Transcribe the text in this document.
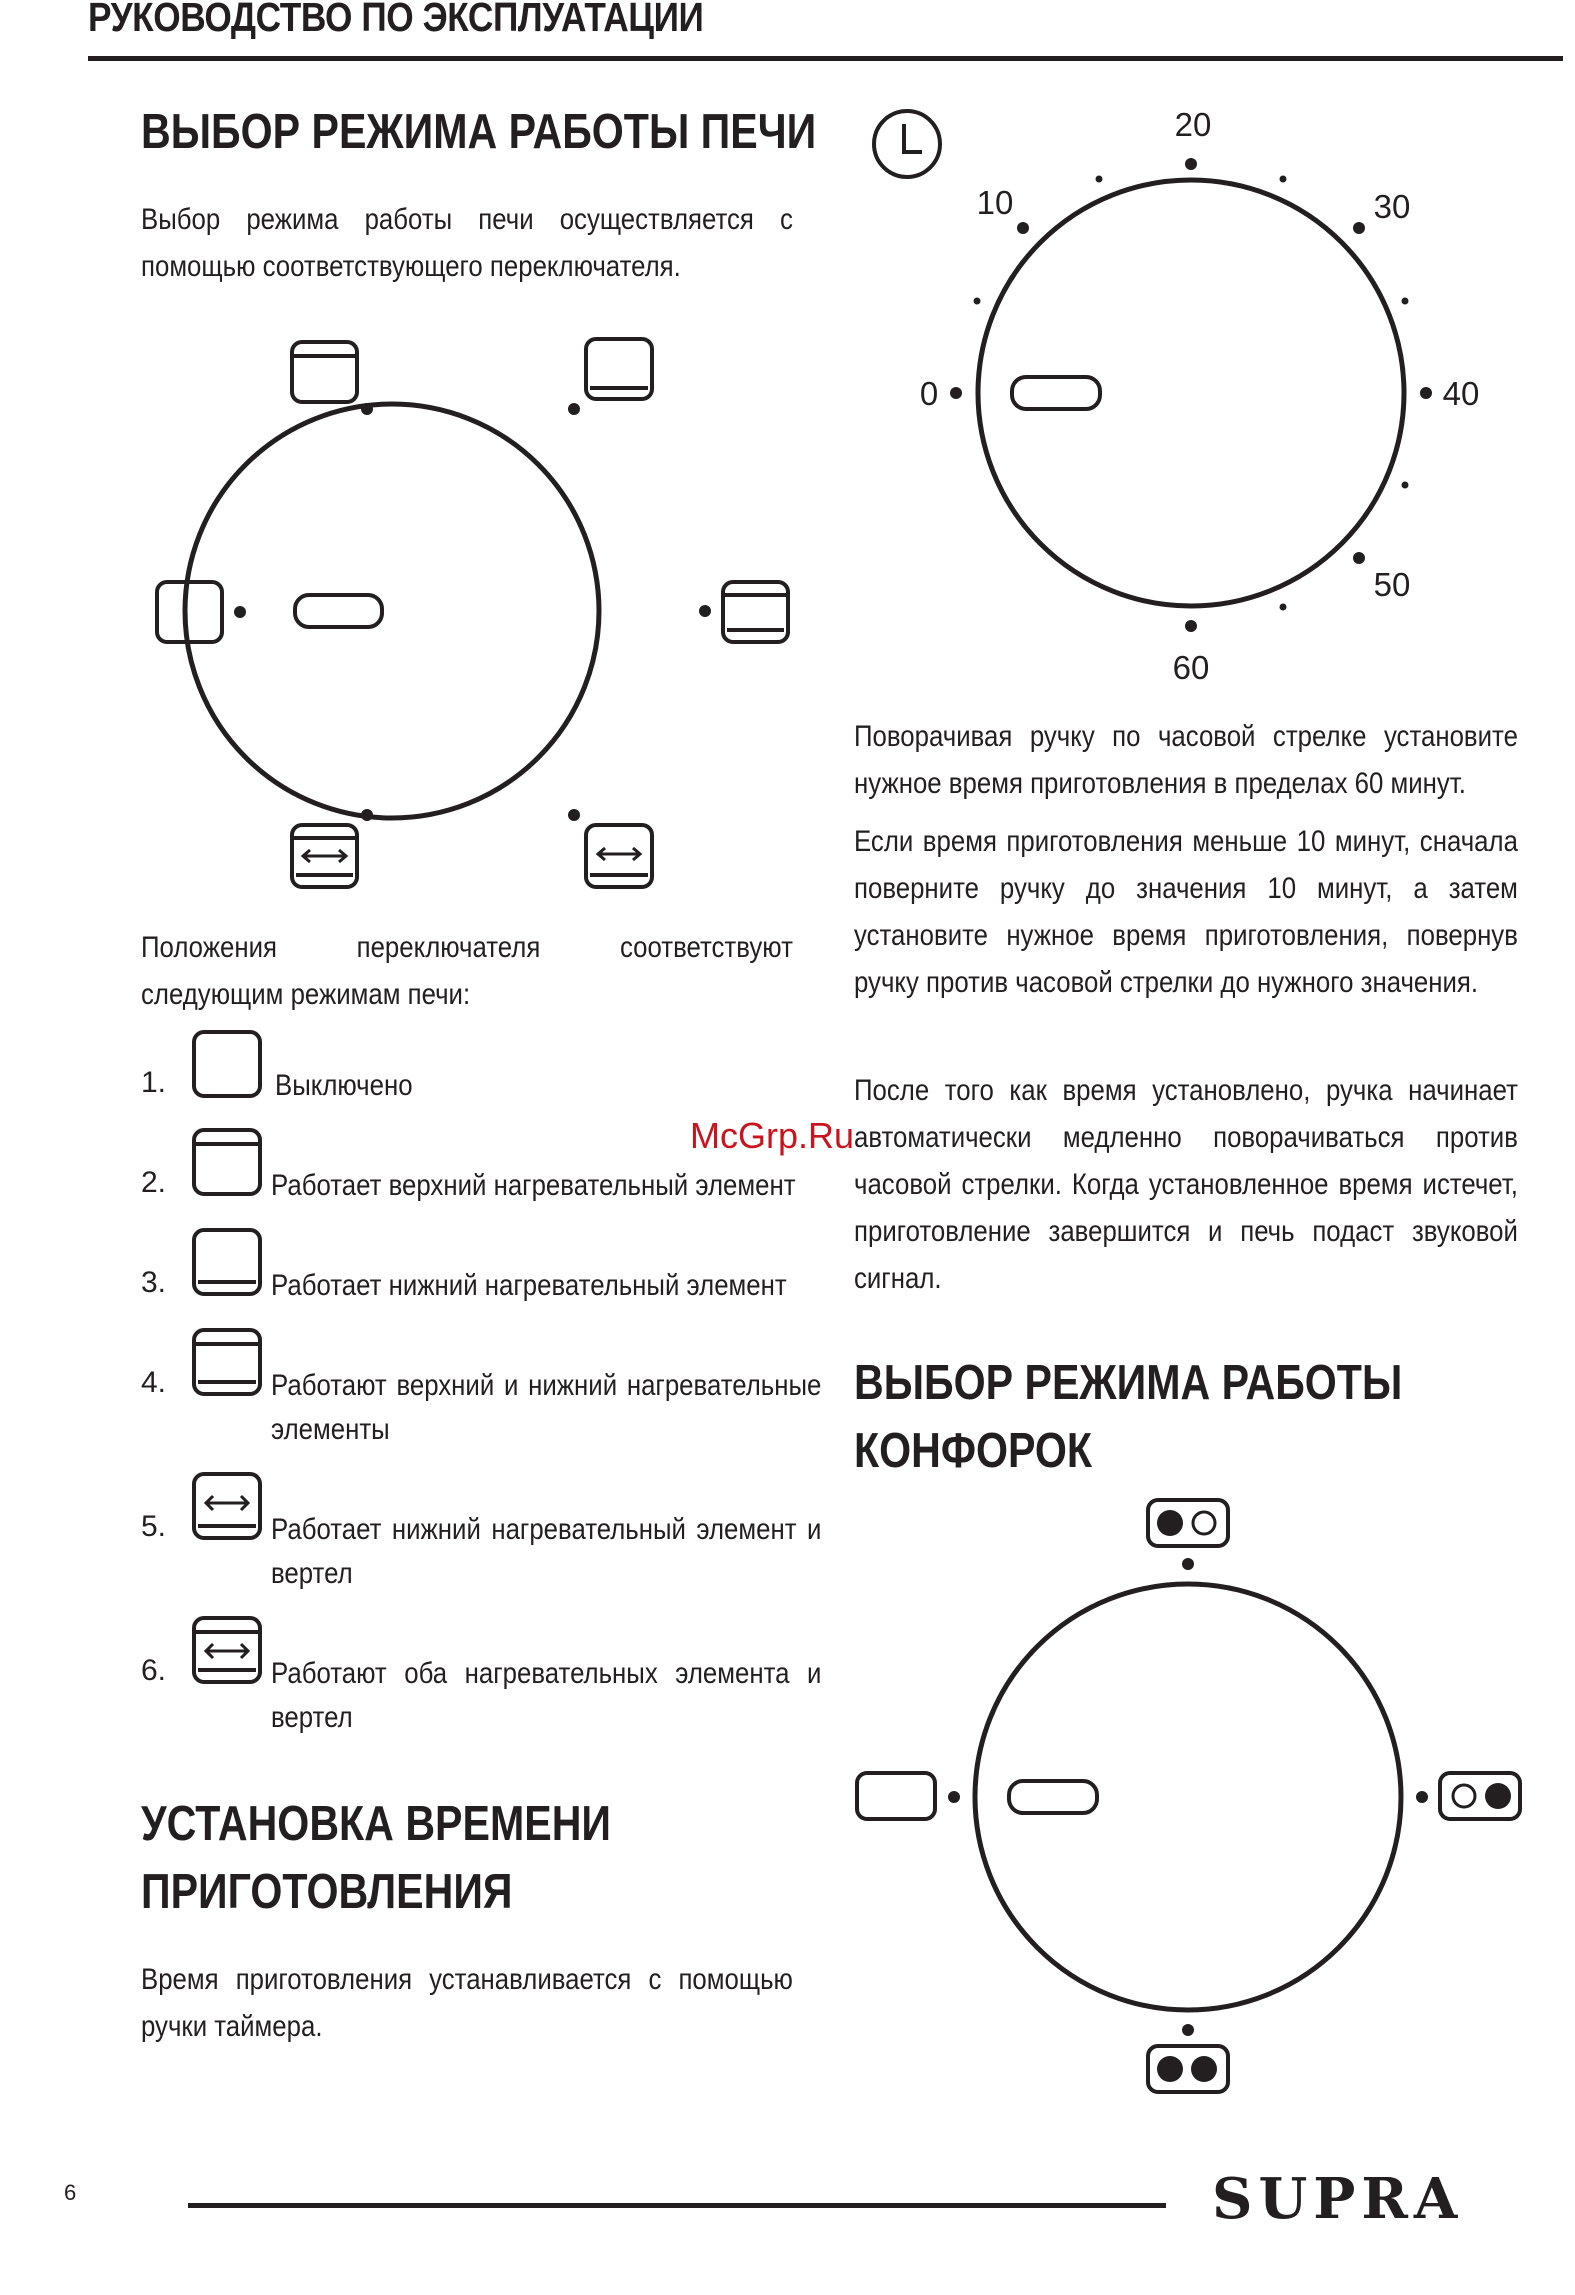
РУКОВОДСТВО ПО ЭКСПЛУАТАЦИИ
ВЫБОР РЕЖИМА РАБОТЫ ПЕЧИ
Выбор режима работы печи осуществляется с помощью соответствующего переключателя.
Положения переключателя соответствуют следующим режимам печи:
1.	Выключено
2.	Работает верхний нагревательный элемент
3.	Работает нижний нагревательный элемент
4.	Работают верхний и нижний нагревательные элементы
5.	Работает нижний нагревательный элемент и вертел
6.	Работают оба нагревательных элемента и вертел
УСТАНОВКА ВРЕМЕНИ
ПРИГОТОВЛЕНИЯ
Время приготовления устанавливается с помощью ручки таймера.
20
10	30
0	40
50
60
Поворачивая ручку по часовой стрелке установите нужное время приготовления в пределах 60 минут.
Если время приготовления меньше 10 минут, сначала поверните ручку до значения 10 минут, а затем установите нужное время приготовления, повернув ручку против часовой стрелки до нужного значения.
После того как время установлено, ручка начинает автоматически медленно поворачиваться против часовой стрелки. Когда установленное время истечет, приготовление завершится и печь подаст звуковой сигнал.
McGrp.Ru
ВЫБОР РЕЖИМА РАБОТЫ
КОНФОРОК
6	SUPRA
